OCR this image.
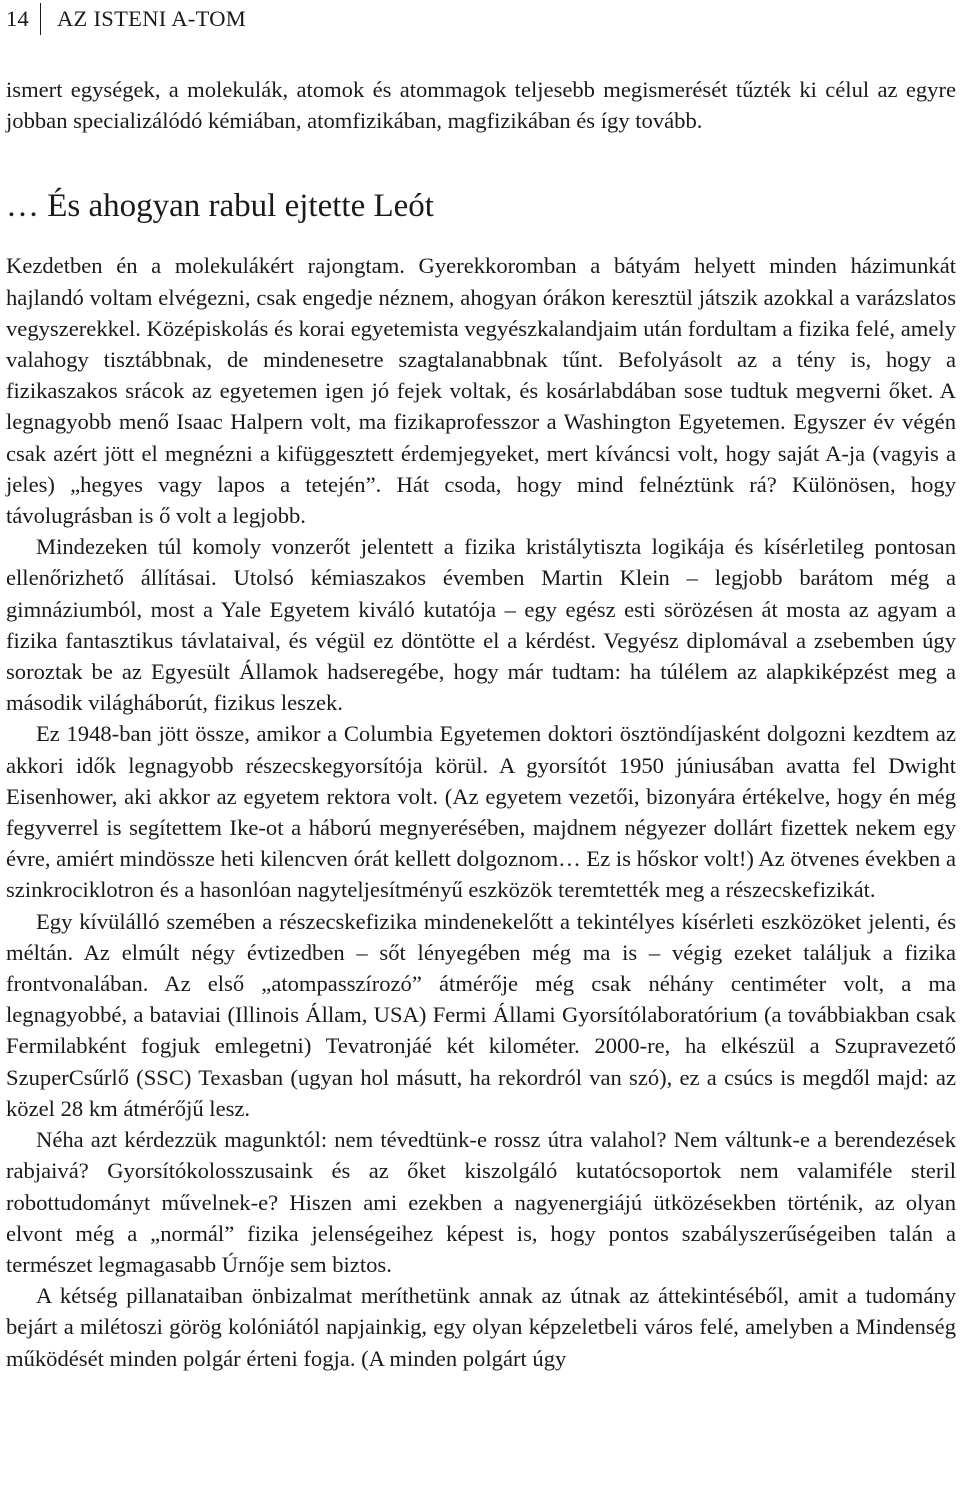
14	AZ ISTENI A-TOM

ismert egységek, a molekulák, atomok és atommagok teljesebb megismerését tűzték ki célul az egyre jobban specializálódó kémiában, atomfizikában, magfizikában és így tovább.

… És ahogyan rabul ejtette Leót

Kezdetben én a molekulákért rajongtam. Gyerekkoromban a bátyám helyett minden házimunkát hajlandó voltam elvégezni, csak engedje néznem, ahogyan órákon keresztül játszik azokkal a varázslatos vegyszerekkel. Középiskolás és korai egyetemista vegyészkalandjaim után fordultam a fizika felé, amely valahogy tisztábbnak, de mindenesetre szagtalanabbnak tűnt. Befolyásolt az a tény is, hogy a fizikaszakos srácok az egyetemen igen jó fejek voltak, és kosárlabdában sose tudtuk megverni őket. A legnagyobb menő Isaac Halpern volt, ma fizikaprofesszor a Washington Egyetemen. Egyszer év végén csak azért jött el megnézni a kifüggesztett érdemjegyeket, mert kíváncsi volt, hogy saját A-ja (vagyis a jeles) „hegyes vagy lapos a tetején”. Hát csoda, hogy mind felnéztünk rá? Különösen, hogy távolugrásban is ő volt a legjobb.

Mindezeken túl komoly vonzerőt jelentett a fizika kristálytiszta logikája és kísérletileg pontosan ellenőrizhető állításai. Utolsó kémiaszakos évemben Martin Klein – legjobb barátom még a gimnáziumból, most a Yale Egyetem kiváló kutatója – egy egész esti sörözésen át mosta az agyam a fizika fantasztikus távlataival, és végül ez döntötte el a kérdést. Vegyész diplomával a zsebemben úgy soroztak be az Egyesült Államok hadseregébe, hogy már tudtam: ha túlélem az alapkiképzést meg a második világháborút, fizikus leszek.

Ez 1948-ban jött össze, amikor a Columbia Egyetemen doktori ösztöndíjasként dolgozni kezdtem az akkori idők legnagyobb részecskegyorsítója körül. A gyorsítót 1950 júniusában avatta fel Dwight Eisenhower, aki akkor az egyetem rektora volt. (Az egyetem vezetői, bizonyára értékelve, hogy én még fegyverrel is segítettem Ike-ot a háború megnyerésében, majdnem négyezer dollárt fizettek nekem egy évre, amiért mindössze heti kilencven órát kellett dolgoznom… Ez is hőskor volt!) Az ötvenes években a szinkrociklotron és a hasonlóan nagyteljesítményű eszközök teremtették meg a részecskefizikát.

Egy kívülálló szemében a részecskefizika mindenekelőtt a tekintélyes kísérleti eszközöket jelenti, és méltán. Az elmúlt négy évtizedben – sőt lényegében még ma is – végig ezeket találjuk a fizika frontvonalában. Az első „atompasszírozó” átmérője még csak néhány centiméter volt, a ma legnagyobbé, a bataviai (Illinois Állam, USA) Fermi Állami Gyorsítólaboratórium (a továbbiakban csak Fermilabként fogjuk emlegetni) Tevatronjáé két kilométer. 2000-re, ha elkészül a Szupravezető SzuperCsűrlő (SSC) Texasban (ugyan hol másutt, ha rekordról van szó), ez a csúcs is megdől majd: az közel 28 km átmérőjű lesz.

Néha azt kérdezzük magunktól: nem tévedtünk-e rossz útra valahol? Nem váltunk-e a berendezések rabjaivá? Gyorsítókolosszusaink és az őket kiszolgáló kutatócsoportok nem valamiféle steril robottudományt művelnek-e? Hiszen ami ezekben a nagyenergiájú ütközésekben történik, az olyan elvont még a „normál” fizika jelenségeihez képest is, hogy pontos szabályszerűségeiben talán a természet legmagasabb Úrnője sem biztos.

A kétség pillanataiban önbizalmat meríthetünk annak az útnak az áttekintéséből, amit a tudomány bejárt a milétoszi görög kolóniától napjainkig, egy olyan képzeletbeli város felé, amelyben a Mindenség működését minden polgár érteni fogja. (A minden polgárt úgy
